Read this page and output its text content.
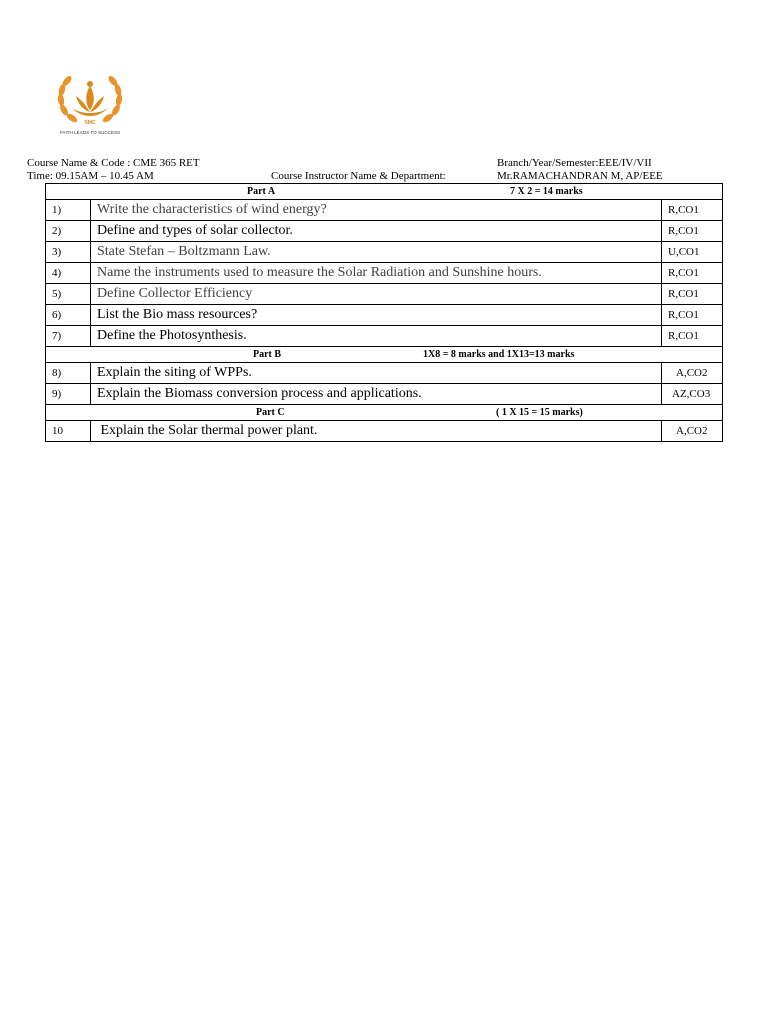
SMC
FAITH LEADS TO SUCCESS
Course Name & Code : CME 365 RET
Time: 09.15AM – 10.45 AM	Course Instructor Name & Department:
Branch/Year/Semester:EEE/IV/VII
Mr.RAMACHANDRAN M, AP/EEE
Part A 7 X 2 = 14 marks		

1)	Write the characteristics of wind energy?	R,CO1
2)	Define and types of solar collector.	R,CO1
3)	State Stefan – Boltzmann Law.	U,CO1
4)	Name the instruments used to measure the Solar Radiation and Sunshine hours.	R,CO1
5)	Define Collector Efficiency	R,CO1
6)	List the Bio mass resources?	R,CO1
7)	Define the Photosynthesis.	R,CO1

Part B 1X8 = 8 marks and 1X13=13 marks		

8)	Explain the siting of WPPs.	A,CO2
9)	Explain the Biomass conversion process and applications.	AZ,CO3

Part C ( 1 X 15 = 15 marks)		

10	Explain the Solar thermal power plant.	A,CO2
